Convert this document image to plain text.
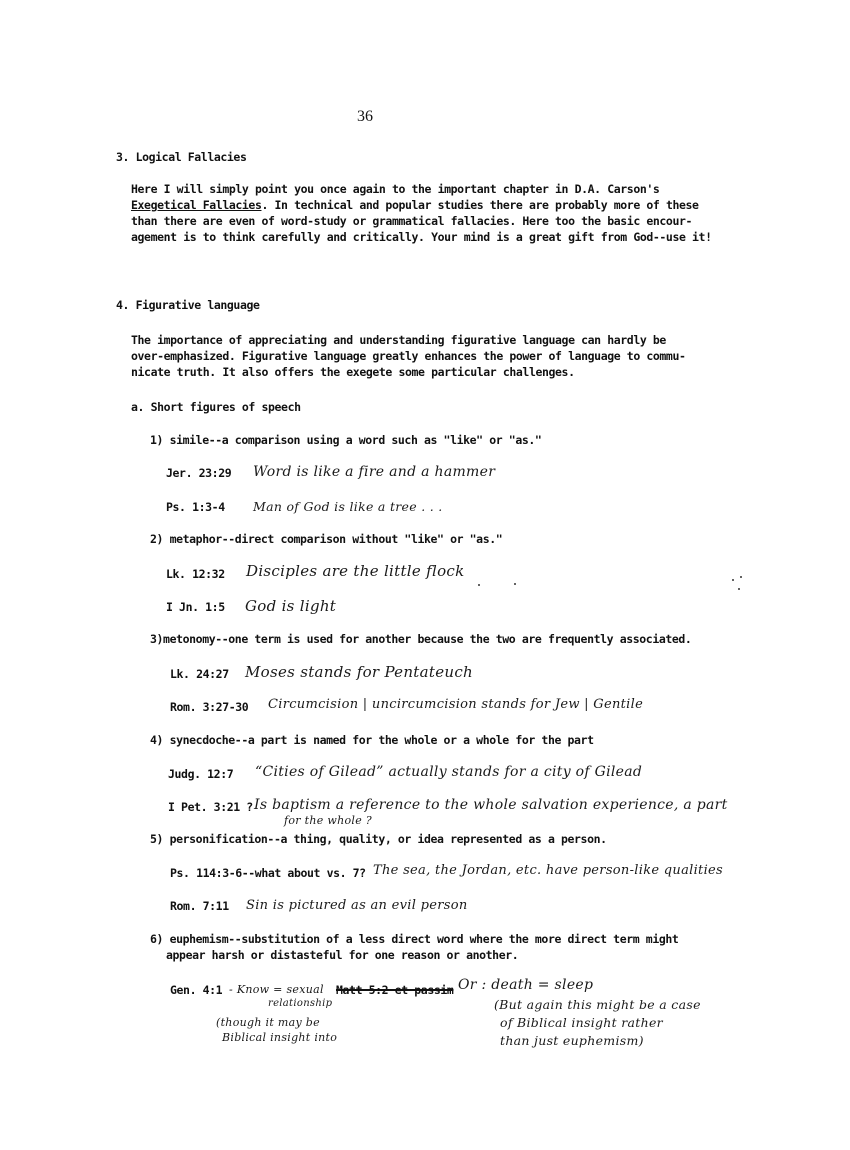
36
3. Logical Fallacies
Here I will simply point you once again to the important chapter in D.A. Carson's
Exegetical Fallacies. In technical and popular studies there are probably more of these
than there are even of word-study or grammatical fallacies. Here too the basic encour-
agement is to think carefully and critically. Your mind is a great gift from God--use it!
4. Figurative language
The importance of appreciating and understanding figurative language can hardly be
over-emphasized. Figurative language greatly enhances the power of language to commu-
nicate truth. It also offers the exegete some particular challenges.
a. Short figures of speech
1) simile--a comparison using a word such as "like" or "as."
Jer. 23:29 Word is like a fire and a hammer
Ps. 1:3-4 Man of God is like a tree . . .
2) metaphor--direct comparison without "like" or "as."
Lk. 12:32 Disciples are the little flock
I Jn. 1:5 God is light
3)metonomy--one term is used for another because the two are frequently associated.
Lk. 24:27 Moses stands for Pentateuch
Rom. 3:27-30 Circumcision | uncircumcision stands for Jew | Gentile
4) synecdoche--a part is named for the whole or a whole for the part
Judg. 12:7 “Cities of Gilead” actually stands for a city of Gilead
I Pet. 3:21 ? Is baptism a reference to the whole salvation experience, a part
for the whole ?
5) personification--a thing, quality, or idea represented as a person.
Ps. 114:3-6--what about vs. 7? The sea, the Jordan, etc. have person-like qualities
Rom. 7:11 Sin is pictured as an evil person
6) euphemism--substitution of a less direct word where the more direct term might
appear harsh or distasteful for one reason or another.
Gen. 4:1 - Know = sexual
relationship
Matt 5:2 et passim Or : death = sleep
(though it may be
Biblical insight into
(But again this might be a case
of Biblical insight rather
than just euphemism)
